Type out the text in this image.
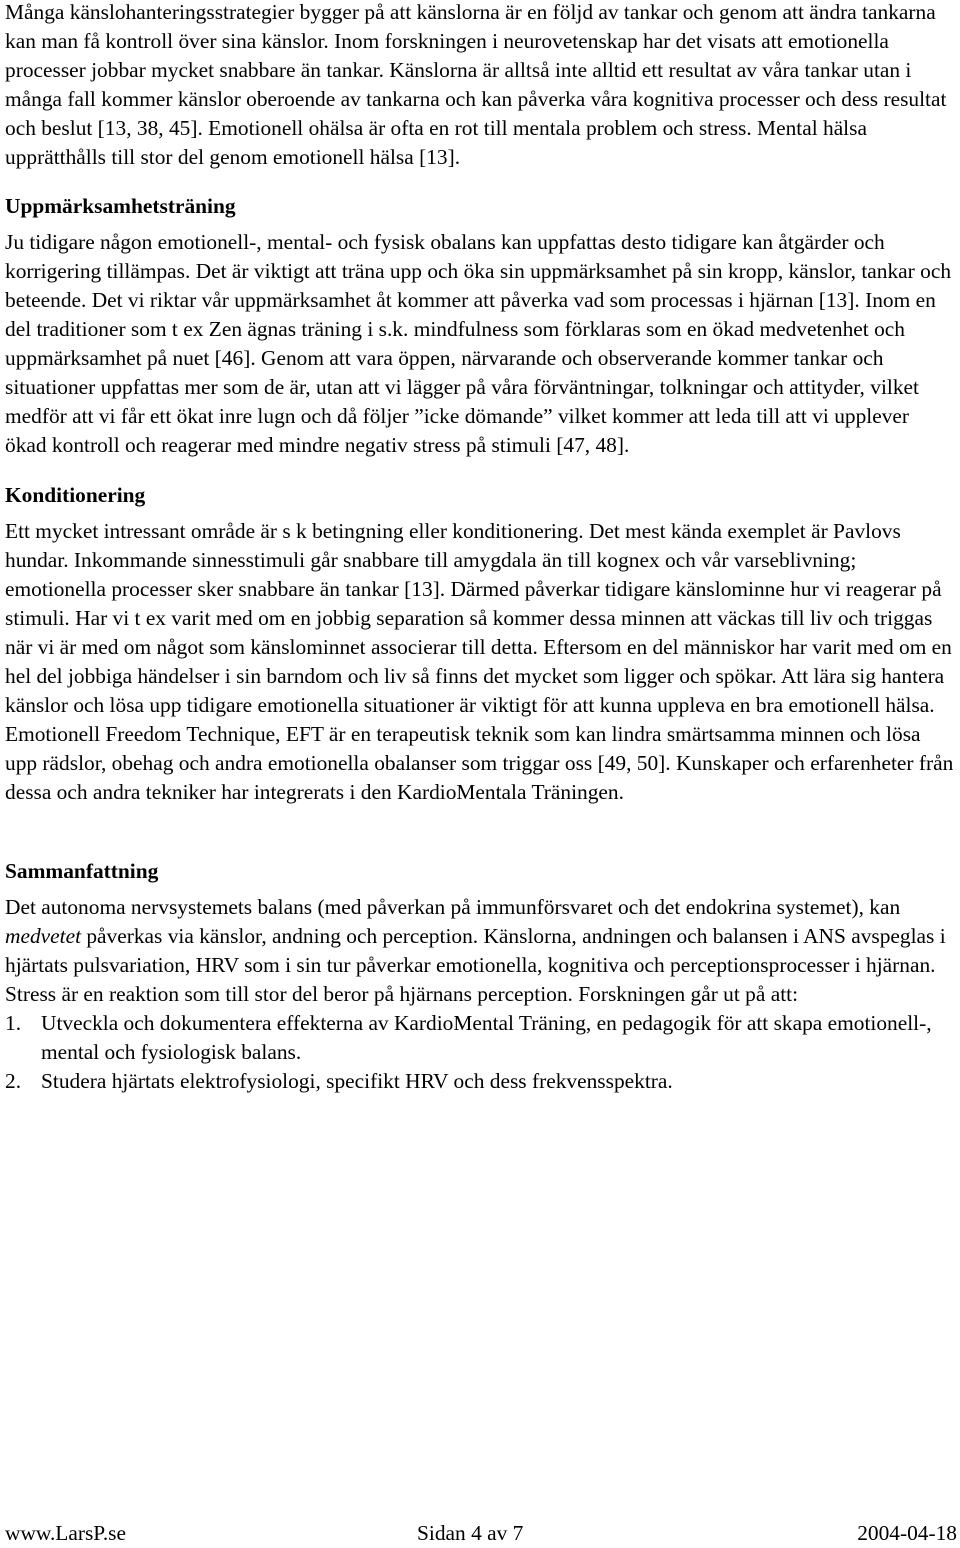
Många känslohanteringsstrategier bygger på att känslorna är en följd av tankar och genom att ändra tankarna kan man få kontroll över sina känslor. Inom forskningen i neurovetenskap har det visats att emotionella processer jobbar mycket snabbare än tankar. Känslorna är alltså inte alltid ett resultat av våra tankar utan i många fall kommer känslor oberoende av tankarna och kan påverka våra kognitiva processer och dess resultat och beslut [13, 38, 45]. Emotionell ohälsa är ofta en rot till mentala problem och stress. Mental hälsa upprätthålls till stor del genom emotionell hälsa [13].

Uppmärksamhetsträning

Ju tidigare någon emotionell-, mental- och fysisk obalans kan uppfattas desto tidigare kan åtgärder och korrigering tillämpas. Det är viktigt att träna upp och öka sin uppmärksamhet på sin kropp, känslor, tankar och beteende. Det vi riktar vår uppmärksamhet åt kommer att påverka vad som processas i hjärnan [13]. Inom en del traditioner som t ex Zen ägnas träning i s.k. mindfulness som förklaras som en ökad medvetenhet och uppmärksamhet på nuet [46]. Genom att vara öppen, närvarande och observerande kommer tankar och situationer uppfattas mer som de är, utan att vi lägger på våra förväntningar, tolkningar och attityder, vilket medför att vi får ett ökat inre lugn och då följer ”icke dömande” vilket kommer att leda till att vi upplever ökad kontroll och reagerar med mindre negativ stress på stimuli [47, 48].

Konditionering

Ett mycket intressant område är s k betingning eller konditionering. Det mest kända exemplet är Pavlovs hundar. Inkommande sinnesstimuli går snabbare till amygdala än till kognex och vår varseblivning; emotionella processer sker snabbare än tankar [13]. Därmed påverkar tidigare känslominne hur vi reagerar på stimuli. Har vi t ex varit med om en jobbig separation så kommer dessa minnen att väckas till liv och triggas när vi är med om något som känslominnet associerar till detta. Eftersom en del människor har varit med om en hel del jobbiga händelser i sin barndom och liv så finns det mycket som ligger och spökar. Att lära sig hantera känslor och lösa upp tidigare emotionella situationer är viktigt för att kunna uppleva en bra emotionell hälsa. Emotionell Freedom Technique, EFT är en terapeutisk teknik som kan lindra smärtsamma minnen och lösa upp rädslor, obehag och andra emotionella obalanser som triggar oss [49, 50]. Kunskaper och erfarenheter från dessa och andra tekniker har integrerats i den KardioMentala Träningen.

Sammanfattning

Det autonoma nervsystemets balans (med påverkan på immunförsvaret och det endokrina systemet), kan medvetet påverkas via känslor, andning och perception. Känslorna, andningen och balansen i ANS avspeglas i hjärtats pulsvariation, HRV som i sin tur påverkar emotionella, kognitiva och perceptionsprocesser i hjärnan. Stress är en reaktion som till stor del beror på hjärnans perception. Forskningen går ut på att:

1. Utveckla och dokumentera effekterna av KardioMental Träning, en pedagogik för att skapa emotionell-, mental och fysiologisk balans.
2. Studera hjärtats elektrofysiologi, specifikt HRV och dess frekvensspektra.
www.LarsP.se	Sidan 4 av 7	2004-04-18
